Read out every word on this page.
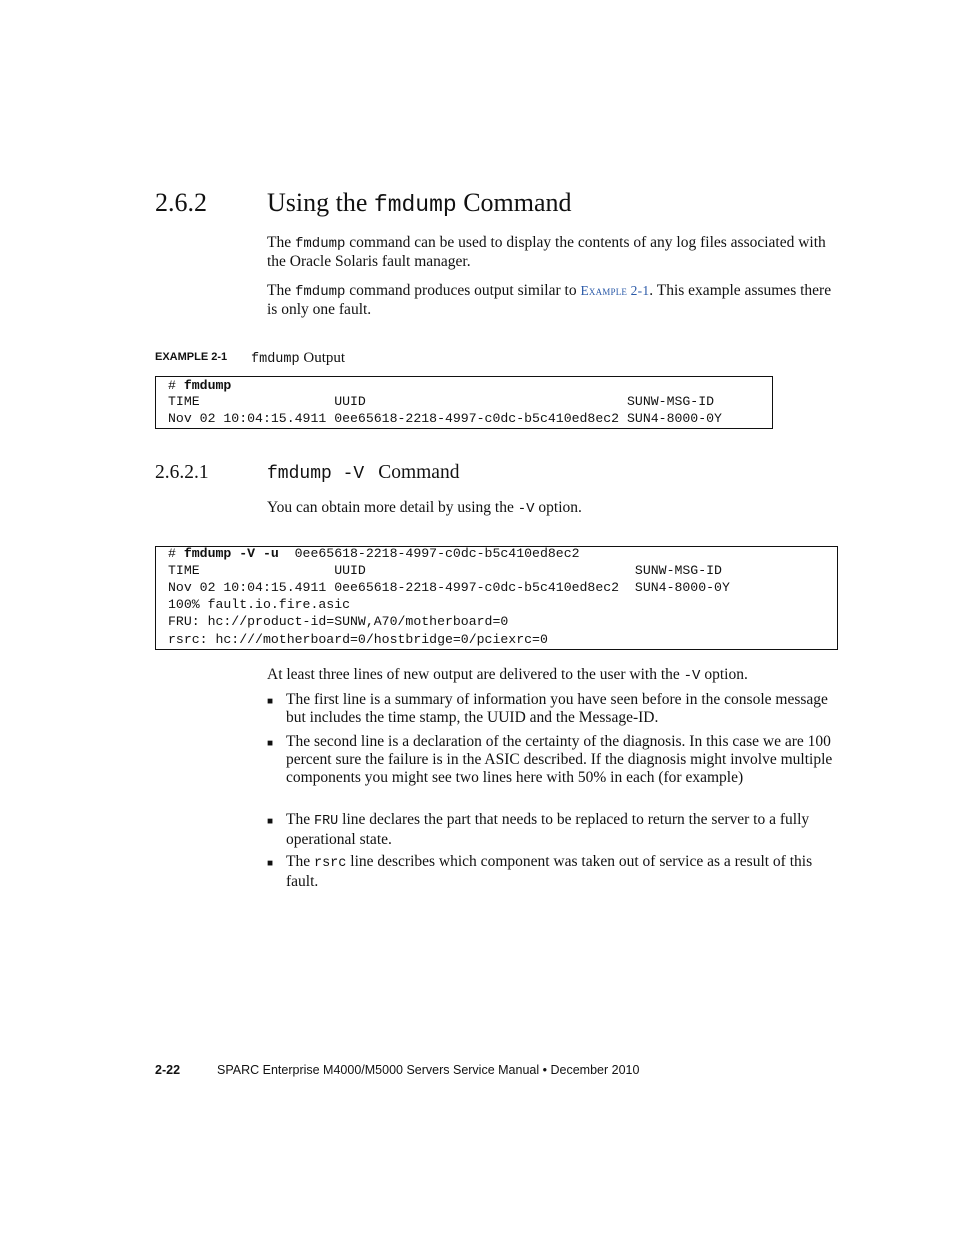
2.6.2 Using the fmdump Command
The fmdump command can be used to display the contents of any log files associated with the Oracle Solaris fault manager.
The fmdump command produces output similar to Example 2-1. This example assumes there is only one fault.
EXAMPLE 2-1 fmdump Output
# fmdump
TIME                 UUID                                 SUNW-MSG-ID
Nov 02 10:04:15.4911 0ee65618-2218-4997-c0dc-b5c410ed8ec2 SUN4-8000-0Y
2.6.2.1	fmdump -V Command
You can obtain more detail by using the -V option.
# fmdump -V -u  0ee65618-2218-4997-c0dc-b5c410ed8ec2
TIME                 UUID                                  SUNW-MSG-ID
Nov 02 10:04:15.4911 0ee65618-2218-4997-c0dc-b5c410ed8ec2  SUN4-8000-0Y
100% fault.io.fire.asic
FRU: hc://product-id=SUNW,A70/motherboard=0
rsrc: hc:///motherboard=0/hostbridge=0/pciexrc=0
At least three lines of new output are delivered to the user with the -V option.
■ The first line is a summary of information you have seen before in the console message but includes the time stamp, the UUID and the Message-ID.
■ The second line is a declaration of the certainty of the diagnosis. In this case we are 100 percent sure the failure is in the ASIC described. If the diagnosis might involve multiple components you might see two lines here with 50% in each (for example)
■ The FRU line declares the part that needs to be replaced to return the server to a fully operational state.
■ The rsrc line describes which component was taken out of service as a result of this fault.
2-22	SPARC Enterprise M4000/M5000 Servers Service Manual • December 2010
